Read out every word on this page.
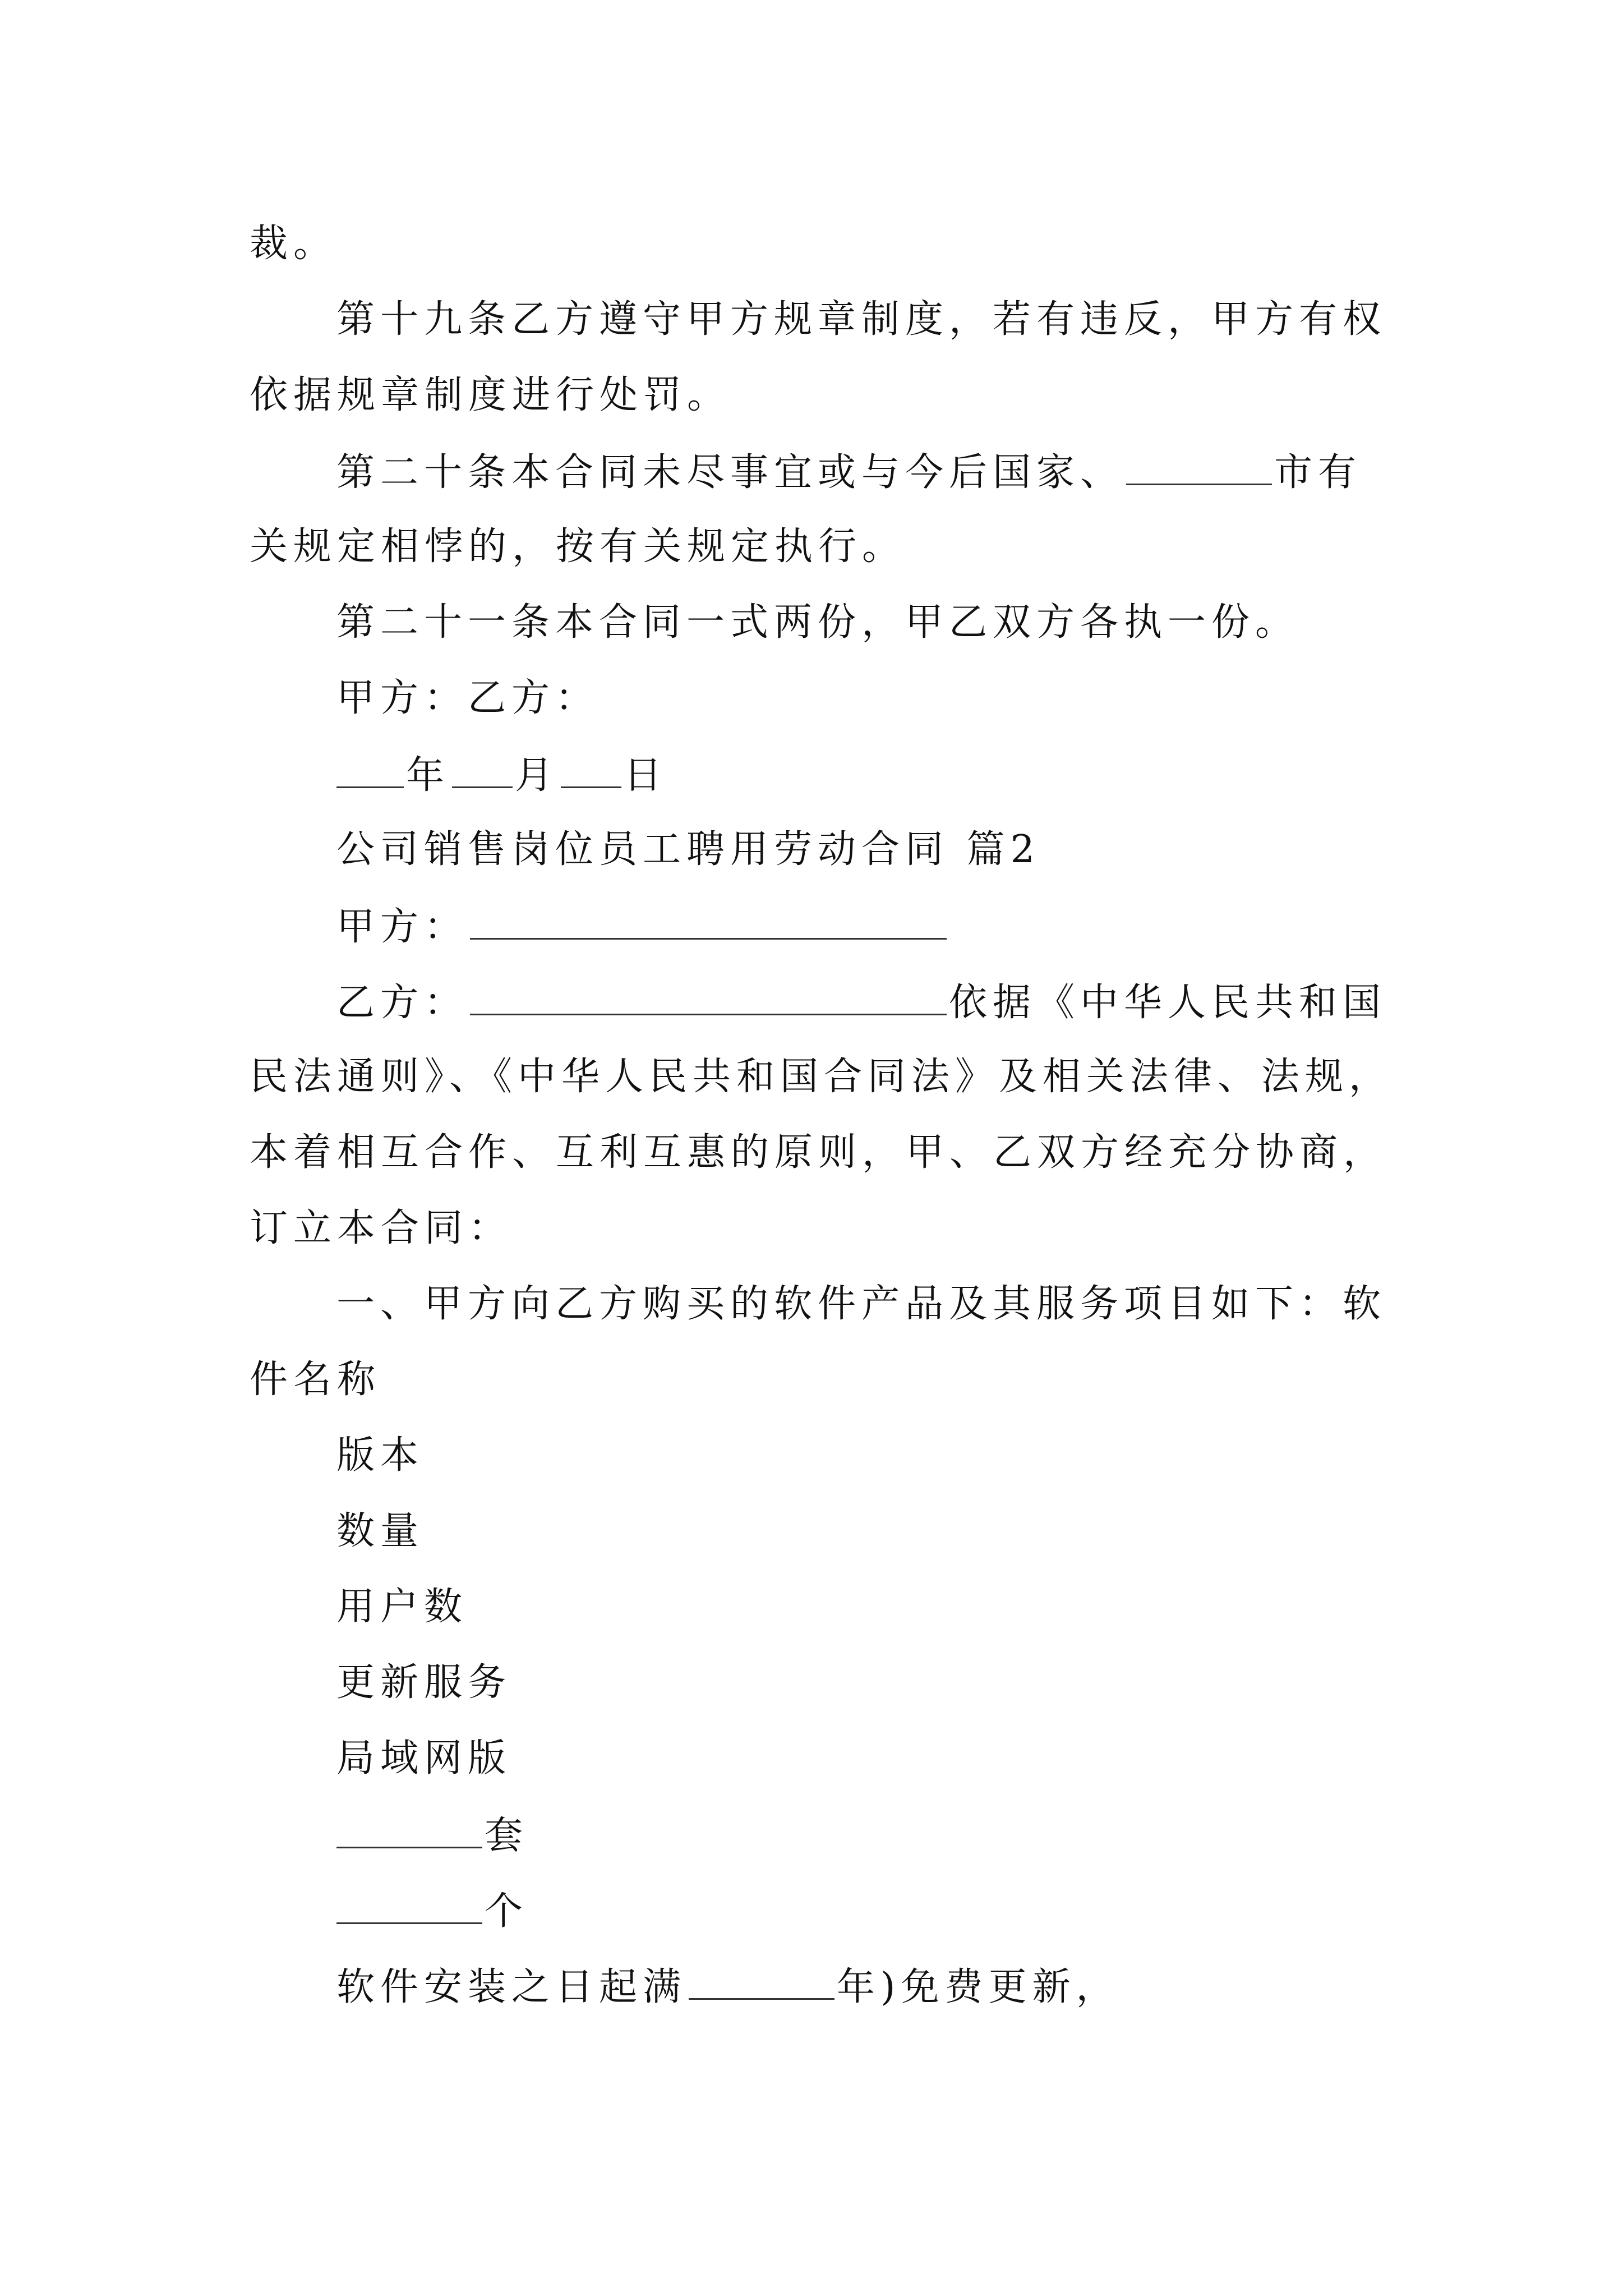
裁。
第十九条乙方遵守甲方规章制度，若有违反，甲方有权
依据规章制度进行处罚。
第二十条本合同未尽事宜或与今后国家、	市有
关规定相悖的，按有关规定执行。
第二十一条本合同一式两份，甲乙双方各执一份。
甲方：乙方：
年 月 日
公司销售岗位员工聘用劳动合同 篇2
甲方：
乙方：	依据《中华人民共和国
民法通则》、《中华人民共和国合同法》及相关法律、法规，
本着相互合作、互利互惠的原则，甲、乙双方经充分协商，
订立本合同：
一、甲方向乙方购买的软件产品及其服务项目如下：软
件名称
版本
数量
用户数
更新服务
局域网版
套
个
软件安装之日起满	年)免费更新，
